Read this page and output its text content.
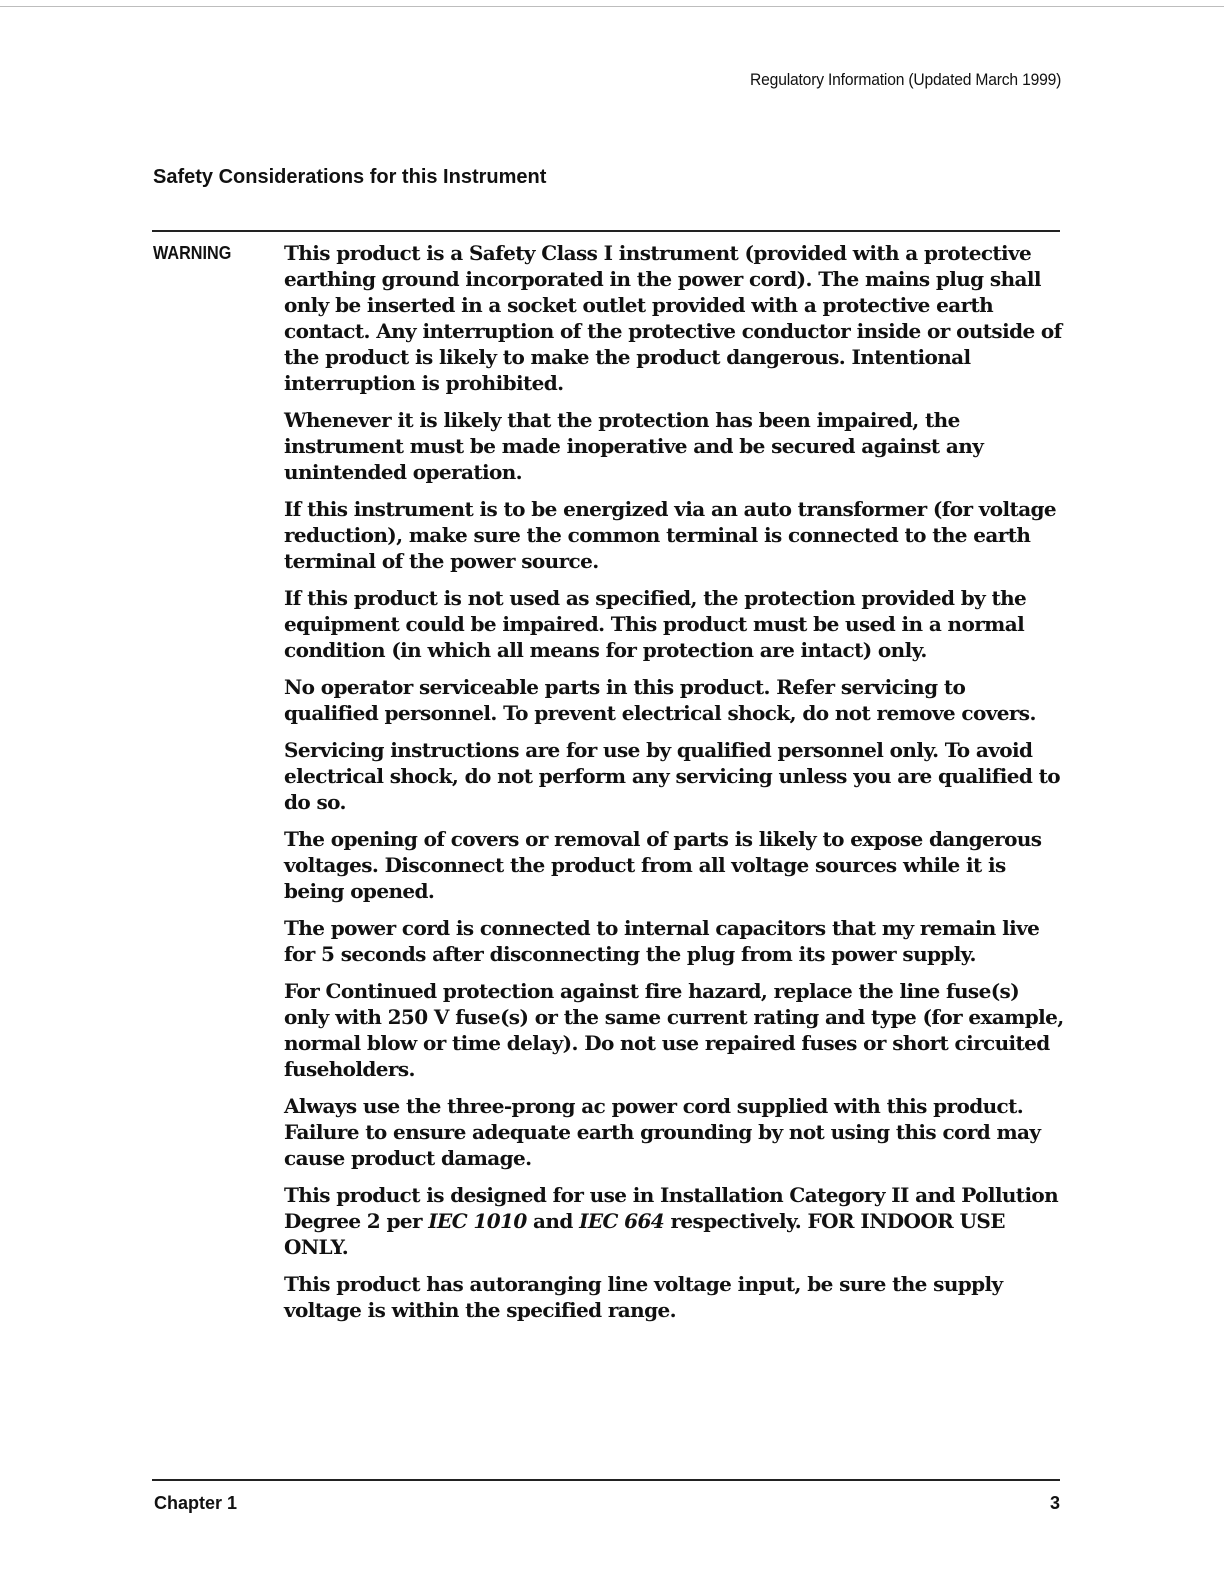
Regulatory Information (Updated March 1999)
Safety Considerations for this Instrument
WARNING	This product is a Safety Class I instrument (provided with a protective earthing ground incorporated in the power cord). The mains plug shall only be inserted in a socket outlet provided with a protective earth contact. Any interruption of the protective conductor inside or outside of the product is likely to make the product dangerous. Intentional interruption is prohibited.

Whenever it is likely that the protection has been impaired, the instrument must be made inoperative and be secured against any unintended operation.

If this instrument is to be energized via an auto transformer (for voltage reduction), make sure the common terminal is connected to the earth terminal of the power source.

If this product is not used as specified, the protection provided by the equipment could be impaired. This product must be used in a normal condition (in which all means for protection are intact) only.

No operator serviceable parts in this product. Refer servicing to qualified personnel. To prevent electrical shock, do not remove covers.

Servicing instructions are for use by qualified personnel only. To avoid electrical shock, do not perform any servicing unless you are qualified to do so.

The opening of covers or removal of parts is likely to expose dangerous voltages. Disconnect the product from all voltage sources while it is being opened.

The power cord is connected to internal capacitors that my remain live for 5 seconds after disconnecting the plug from its power supply.

For Continued protection against fire hazard, replace the line fuse(s) only with 250 V fuse(s) or the same current rating and type (for example, normal blow or time delay). Do not use repaired fuses or short circuited fuseholders.

Always use the three-prong ac power cord supplied with this product. Failure to ensure adequate earth grounding by not using this cord may cause product damage.

This product is designed for use in Installation Category II and Pollution Degree 2 per IEC 1010 and IEC 664 respectively. FOR INDOOR USE ONLY.

This product has autoranging line voltage input, be sure the supply voltage is within the specified range.

Chapter 1	3
